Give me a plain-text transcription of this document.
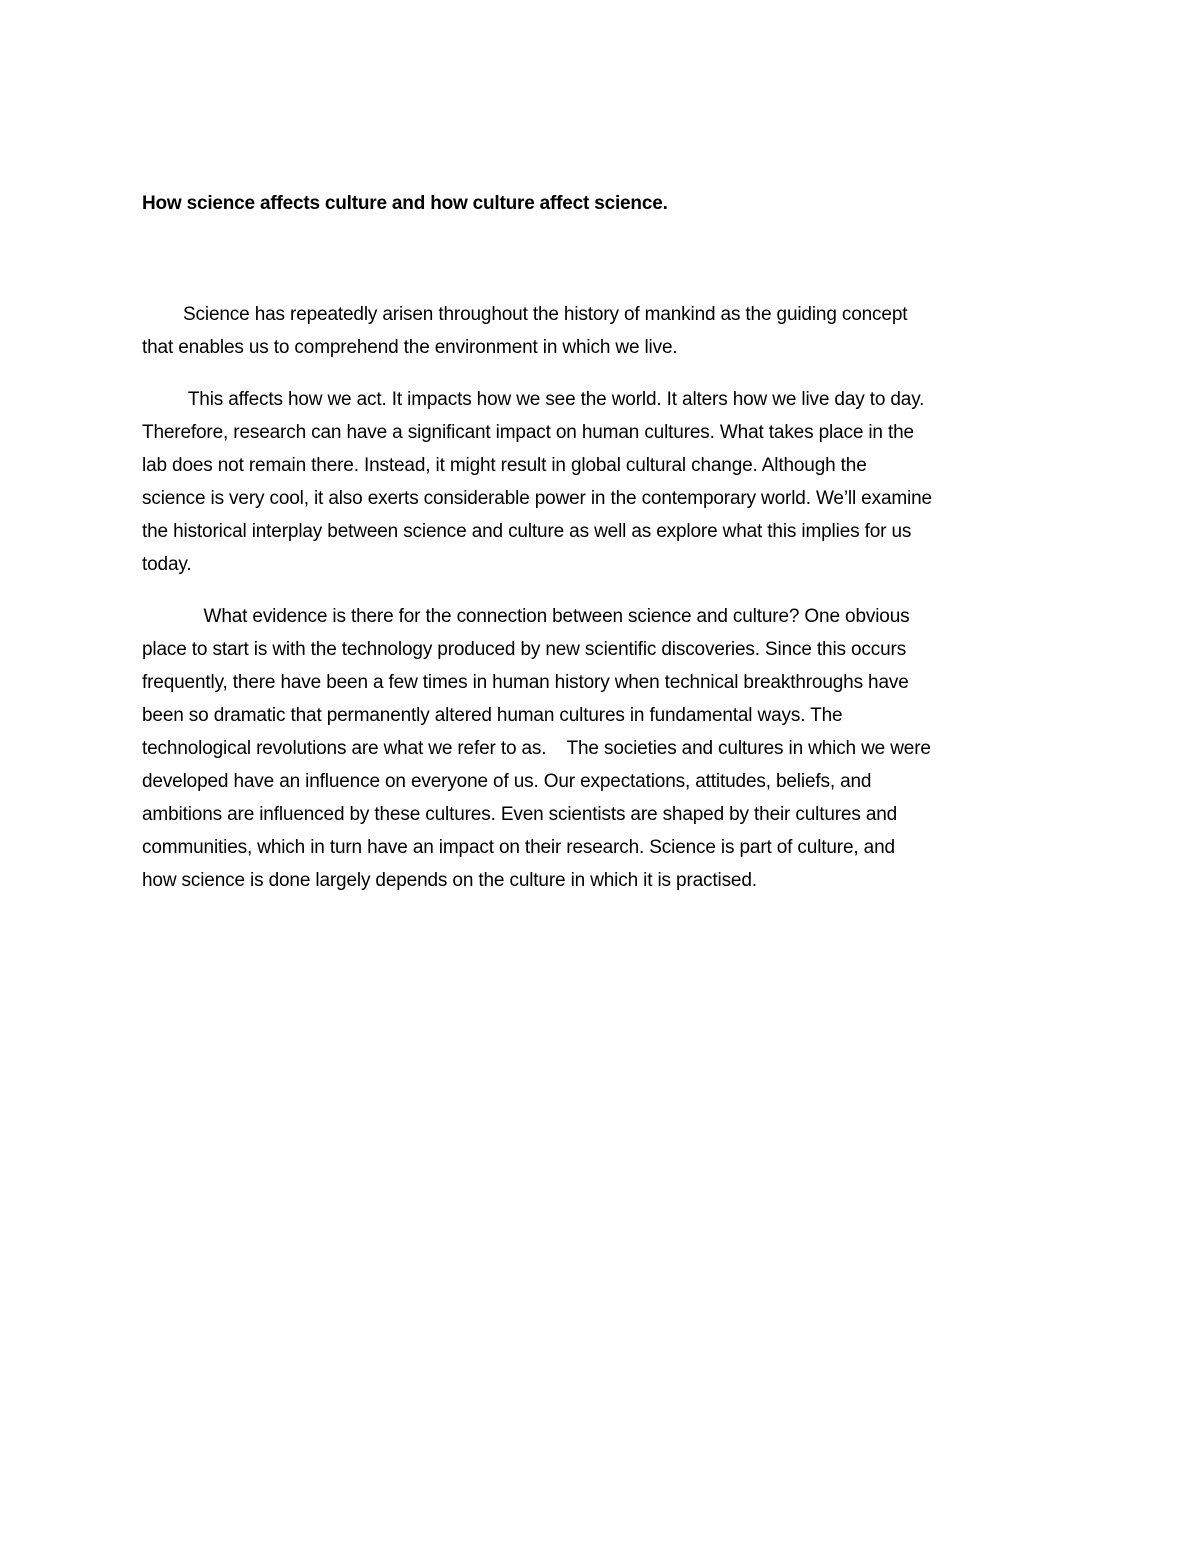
How science affects culture and how culture affect science.

Science has repeatedly arisen throughout the history of mankind as the guiding concept
that enables us to comprehend the environment in which we live.

This affects how we act. It impacts how we see the world. It alters how we live day to day.
Therefore, research can have a significant impact on human cultures. What takes place in the
lab does not remain there. Instead, it might result in global cultural change. Although the
science is very cool, it also exerts considerable power in the contemporary world. We’ll examine
the historical interplay between science and culture as well as explore what this implies for us
today.

What evidence is there for the connection between science and culture? One obvious
place to start is with the technology produced by new scientific discoveries. Since this occurs
frequently, there have been a few times in human history when technical breakthroughs have
been so dramatic that permanently altered human cultures in fundamental ways. The
technological revolutions are what we refer to as.    The societies and cultures in which we were
developed have an influence on everyone of us. Our expectations, attitudes, beliefs, and
ambitions are influenced by these cultures. Even scientists are shaped by their cultures and
communities, which in turn have an impact on their research. Science is part of culture, and
how science is done largely depends on the culture in which it is practised.
